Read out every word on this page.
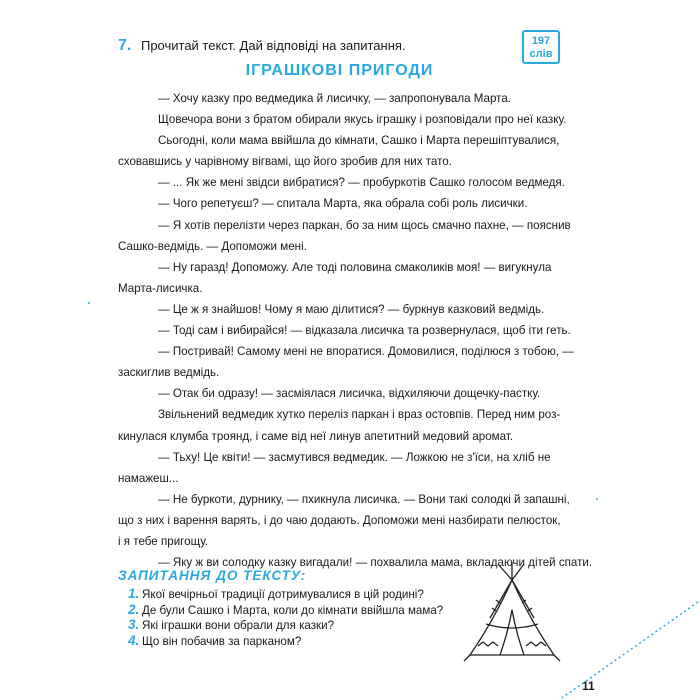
7. Прочитай текст. Дай відповіді на запитання.	197
слів
ІГРАШКОВІ ПРИГОДИ
— Хочу казку про ведмедика й лисичку, — запропонувала Марта.
Щовечора вони з братом обирали якусь іграшку і розповідали про неї казку.
Сьогодні, коли мама ввійшла до кімнати, Сашко і Марта перешіптувалися,
сховавшись у чарівному вігвамі, що його зробив для них тато.
— ... Як же мені звідси вибратися? — пробуркотів Сашко голосом ведмедя.
— Чого репетуєш? — спитала Марта, яка обрала собі роль лисички.
— Я хотів перелізти через паркан, бо за ним щось смачно пахне, — пояснив
Сашко-ведмідь. — Допоможи мені.
— Ну гаразд! Допоможу. Але тоді половина смаколиків моя! — вигукнула
Марта-лисичка.
— Це ж я знайшов! Чому я маю ділитися? — буркнув казковий ведмідь.
— Тоді сам і вибирайся! — відказала лисичка та розвернулася, щоб іти геть.
— Постривай! Самому мені не впоратися. Домовилися, поділюся з тобою, —
заскиглив ведмідь.
— Отак би одразу! — засміялася лисичка, відхиляючи дощечку-пастку.
Звільнений ведмедик хутко переліз паркан і враз остовпів. Перед ним роз-
кинулася клумба троянд, і саме від неї линув апетитний медовий аромат.
— Тьху! Це квіти! — засмутився ведмедик. — Ложкою не з'їси, на хліб не
намажеш...
— Не буркоти, дурнику, — пхикнула лисичка. — Вони такі солодкі й запашні,
що з них і варення варять, і до чаю додають. Допоможи мені назбирати пелюсток,
і я тебе пригощу.
— Яку ж ви солодку казку вигадали! — похвалила мама, вкладаючи дітей спати.
ЗАПИТАННЯ ДО ТЕКСТУ:
1. Якої вечірньої традиції дотримувалися в цій родині?
2. Де були Сашко і Марта, коли до кімнати ввійшла мама?
3. Які іграшки вони обрали для казки?
4. Що він побачив за парканом?
11
